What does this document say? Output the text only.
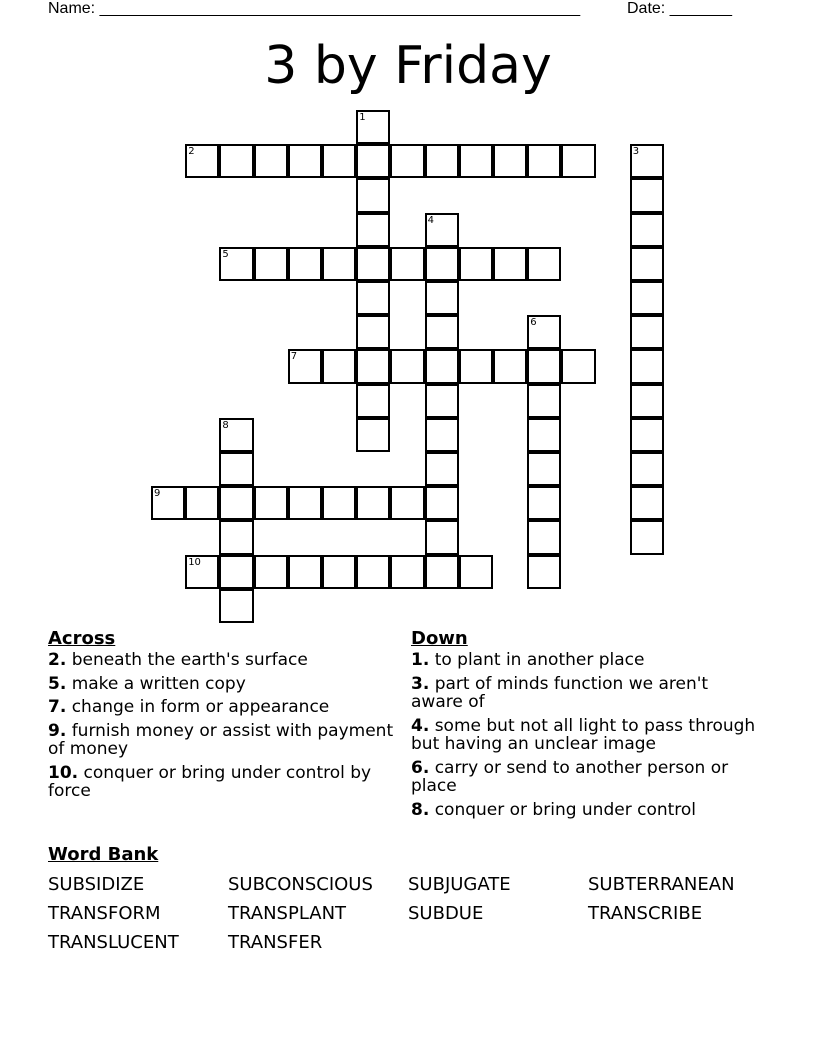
Name: ______________________________________________________	Date: _______
3 by Friday
1
2	3
4
5
6
7
8
9
10
Across
2. beneath the earth's surface
5. make a written copy
7. change in form or appearance
9. furnish money or assist with payment of money
10. conquer or bring under control by force
Down
1. to plant in another place
3. part of minds function we aren't aware of
4. some but not all light to pass through but having an unclear image
6. carry or send to another person or place
8. conquer or bring under control
Word Bank
SUBSIDIZE	SUBCONSCIOUS	SUBJUGATE	SUBTERRANEAN
TRANSFORM	TRANSPLANT	SUBDUE	TRANSCRIBE
TRANSLUCENT	TRANSFER
